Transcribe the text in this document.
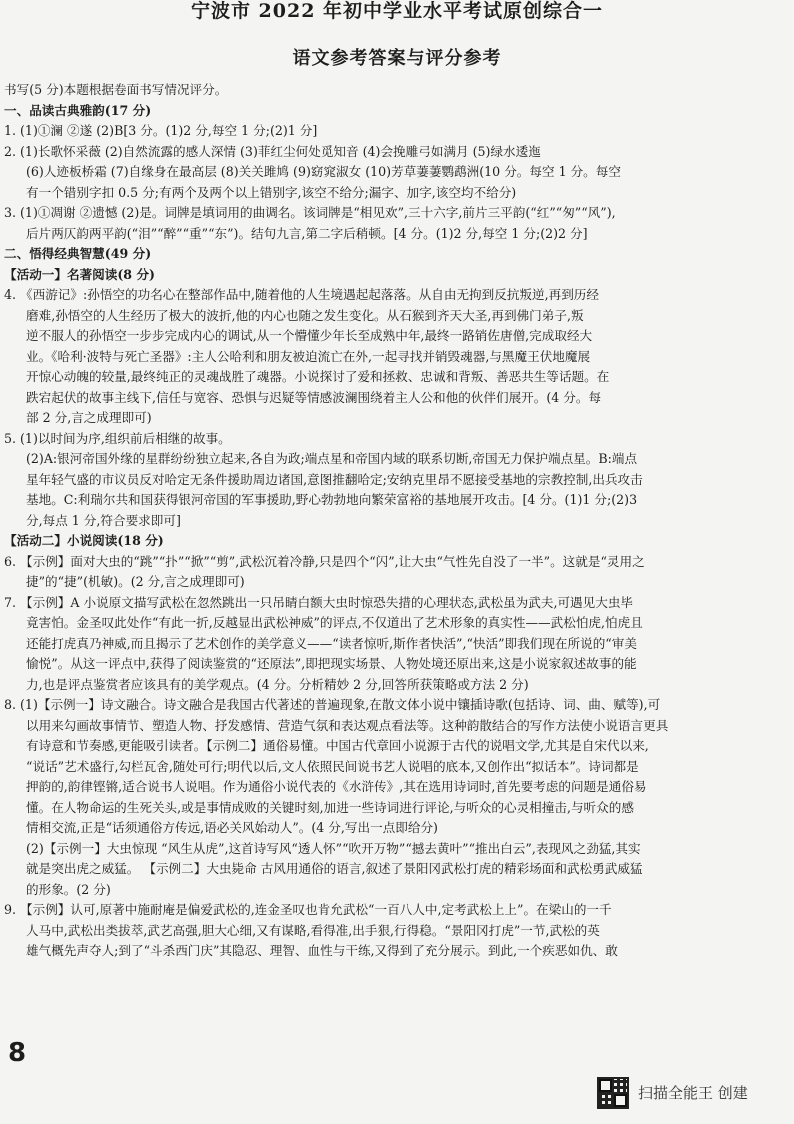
宁波市 2022 年初中学业水平考试原创综合一
语文参考答案与评分参考

书写(5 分)本题根据卷面书写情况评分。

一、品读古典雅韵(17 分)

1. (1)①澜 ②遂 (2)B[3 分。(1)2 分,每空 1 分;(2)1 分]

2. (1)长歌怀采薇 (2)自然流露的感人深情 (3)菲红尘何处觅知音 (4)会挽雕弓如满月 (5)绿水逶迤

(6)人迹板桥霜 (7)自缘身在最高层 (8)关关雎鸠 (9)窈窕淑女 (10)芳草萋萋鹦鹉洲(10 分。每空 1 分。每空

有一个错别字扣 0.5 分;有两个及两个以上错别字,该空不给分;漏字、加字,该空均不给分)

3. (1)①凋谢 ②遗憾 (2)是。词牌是填词用的曲调名。该词牌是“相见欢”,三十六字,前片三平韵(“红”“匆”“风”),

后片两仄韵两平韵(“泪”“醉”“重”“东”)。结句九言,第二字后稍顿。[4 分。(1)2 分,每空 1 分;(2)2 分]

二、悟得经典智慧(49 分)

【活动一】名著阅读(8 分)

4. 《西游记》:孙悟空的功名心在整部作品中,随着他的人生境遇起起落落。从自由无拘到反抗叛逆,再到历经

磨难,孙悟空的人生经历了极大的波折,他的内心也随之发生变化。从石猴到齐天大圣,再到佛门弟子,叛

逆不服人的孙悟空一步步完成内心的调试,从一个懵懂少年长至成熟中年,最终一路销佐唐僧,完成取经大

业。《哈利·波特与死亡圣器》:主人公哈利和朋友被迫流亡在外,一起寻找并销毁魂器,与黑魔王伏地魔展

开惊心动魄的较量,最终纯正的灵魂战胜了魂器。小说探讨了爱和拯救、忠诚和背叛、善恶共生等话题。在

跌宕起伏的故事主线下,信任与宽容、恐惧与迟疑等情感波澜围绕着主人公和他的伙伴们展开。(4 分。每

部 2 分,言之成理即可)

5. (1)以时间为序,组织前后相继的故事。

(2)A:银河帝国外缘的星群纷纷独立起来,各自为政;端点星和帝国内域的联系切断,帝国无力保护端点星。B:端点

星年轻气盛的市议员反对哈定无条件援助周边诸国,意图推翻哈定;安纳克里昂不愿接受基地的宗教控制,出兵攻击

基地。C:利瑞尔共和国获得银河帝国的军事援助,野心勃勃地向繁荣富裕的基地展开攻击。[4 分。(1)1 分;(2)3

分,每点 1 分,符合要求即可]

【活动二】小说阅读(18 分)

6. 【示例】面对大虫的“跳”“扑”“掀”“剪”,武松沉着冷静,只是四个“闪”,让大虫“气性先自没了一半”。这就是“灵用之

捷”的“捷”(机敏)。(2 分,言之成理即可)

7. 【示例】A 小说原文描写武松在忽然跳出一只吊睛白额大虫时惊恐失措的心理状态,武松虽为武夫,可遇见大虫毕

竟害怕。金圣叹此处作“有此一折,反越显出武松神威”的评点,不仅道出了艺术形象的真实性——武松怕虎,怕虎且

还能打虎真乃神威,而且揭示了艺术创作的美学意义——“读者惊听,斯作者快活”,“快活”即我们现在所说的“审美

愉悦”。从这一评点中,获得了阅读鉴赏的“还原法”,即把现实场景、人物处境还原出来,这是小说家叙述故事的能

力,也是评点鉴赏者应该具有的美学观点。(4 分。分析精妙 2 分,回答所获策略或方法 2 分)

8. (1)【示例一】诗文融合。诗文融合是我国古代著述的普遍现象,在散文体小说中镶插诗歌(包括诗、词、曲、赋等),可

以用来勾画故事情节、塑造人物、抒发感情、营造气氛和表达观点看法等。这种韵散结合的写作方法使小说语言更具

有诗意和节奏感,更能吸引读者。【示例二】通俗易懂。中国古代章回小说源于古代的说唱文学,尤其是自宋代以来,

“说话”艺术盛行,勾栏瓦舍,随处可行;明代以后,文人依照民间说书艺人说唱的底本,又创作出“拟话本”。诗词都是

押韵的,韵律铿锵,适合说书人说唱。作为通俗小说代表的《水浒传》,其在选用诗词时,首先要考虑的问题是通俗易

懂。在人物命运的生死关头,或是事情成败的关键时刻,加进一些诗词进行评论,与听众的心灵相撞击,与听众的感

情相交流,正是“话须通俗方传远,语必关风始动人”。(4 分,写出一点即给分)

(2)【示例一】大虫惊现 “风生从虎”,这首诗写风“透人怀”“吹开万物”“撼去黄叶”“推出白云”,表现风之劲猛,其实

就是突出虎之威猛。 【示例二】大虫毙命 古风用通俗的语言,叙述了景阳冈武松打虎的精彩场面和武松勇武威猛

的形象。(2 分)

9. 【示例】认可,原著中施耐庵是偏爱武松的,连金圣叹也肯允武松“一百八人中,定考武松上上”。在梁山的一千

人马中,武松出类拔萃,武艺高强,胆大心细,又有谋略,看得准,出手狠,行得稳。“景阳冈打虎”一节,武松的英

雄气概先声夺人;到了“斗杀西门庆”其隐忍、理智、血性与干练,又得到了充分展示。到此,一个疾恶如仇、敢

8
扫描全能王 创建
